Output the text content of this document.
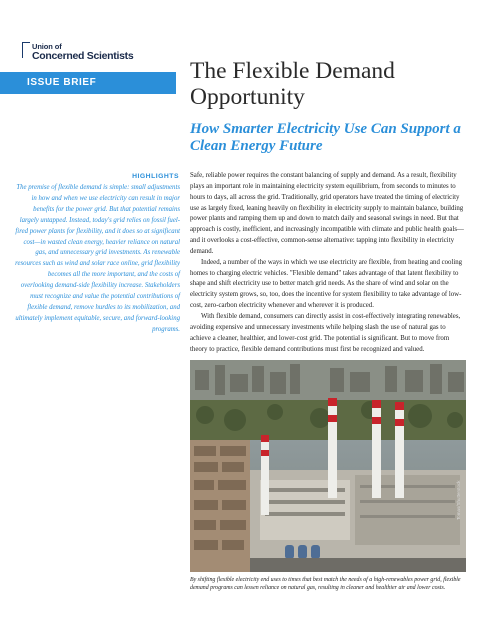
Union of
Concerned Scientists
ISSUE BRIEF	The Flexible Demand Opportunity
How Smarter Electricity Use Can Support a Clean Energy Future
HIGHLIGHTS
The premise of flexible demand is simple: small adjustments in how and when we use electricity can result in major benefits for the power grid. But that potential remains largely untapped. Instead, today's grid relies on fossil fuel-fired power plants for flexibility, and it does so at significant cost—in wasted clean energy, heavier reliance on natural gas, and unnecessary grid investments. As renewable resources such as wind and solar race online, grid flexibility becomes all the more important, and the costs of overlooking demand-side flexibility increase. Stakeholders must recognize and value the potential contributions of flexible demand, remove hurdles to its mobilization, and ultimately implement equitable, secure, and forward-looking programs.

Safe, reliable power requires the constant balancing of supply and demand. As a result, flexibility plays an important role in maintaining electricity system equilibrium, from seconds to minutes to hours to days, all across the grid. Traditionally, grid operators have treated the timing of electricity use as largely fixed, leaning heavily on flexibility in electricity supply to maintain balance, building power plants and ramping them up and down to match daily and seasonal swings in need. But that approach is costly, inefficient, and increasingly incompatible with climate and public health goals—and it overlooks a cost-effective, common-sense alternative: tapping into flexibility in electricity demand.

Indeed, a number of the ways in which we use electricity are flexible, from heating and cooling homes to charging electric vehicles. "Flexible demand" takes advantage of that latent flexibility to shape and shift electricity use to better match grid needs. As the share of wind and solar on the electricity system grows, so, too, does the incentive for system flexibility to take advantage of low-cost, zero-carbon electricity whenever and wherever it is produced.

With flexible demand, consumers can directly assist in cost-effectively integrating renewables, avoiding expensive and unnecessary investments while helping slash the use of natural gas to achieve a cleaner, healthier, and lower-cost grid. The potential is significant. But to move from theory to practice, flexible demand contributions must first be recognized and valued.

Tomas/Shutterstock
By shifting flexible electricity end uses to times that best match the needs of a high-renewables power grid, flexible demand programs can lessen reliance on natural gas, resulting in cleaner and healthier air and lower costs.
